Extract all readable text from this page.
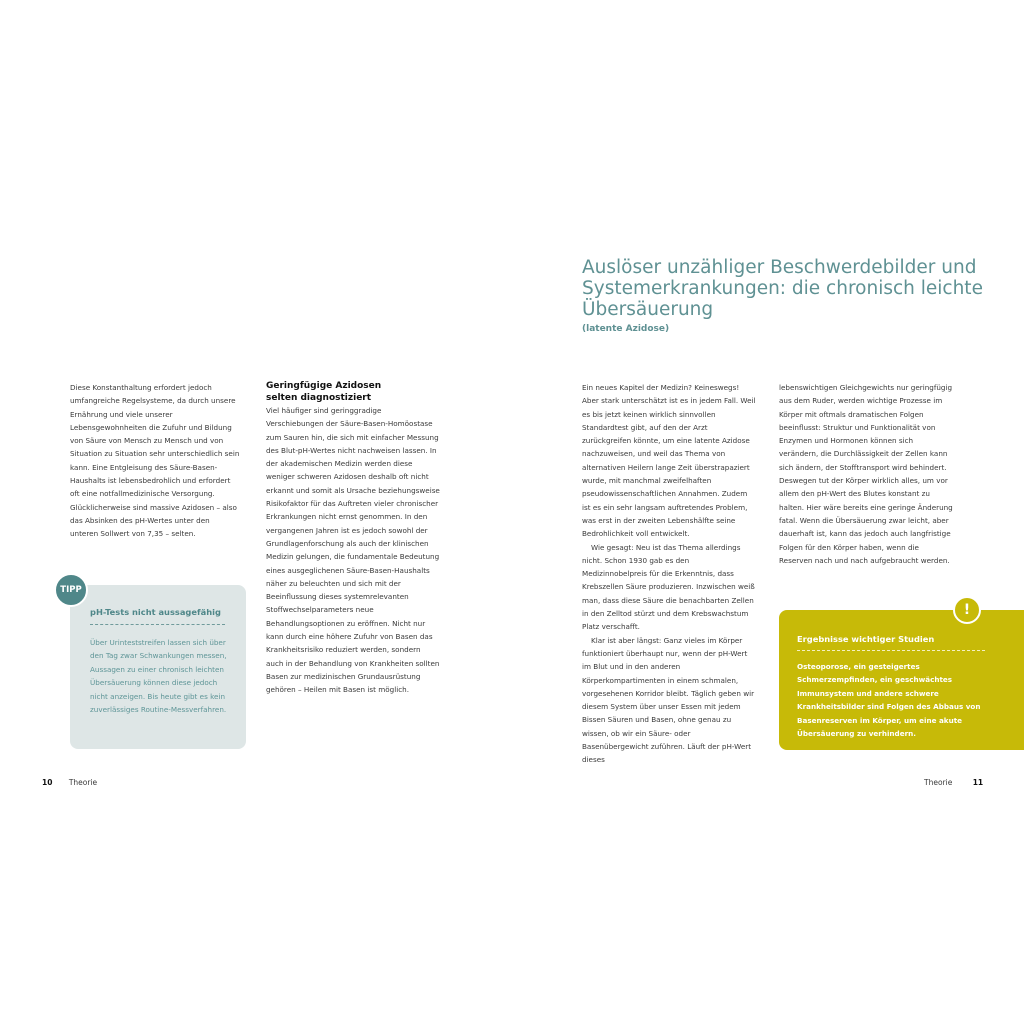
Diese Konstanthaltung erfordert jedoch umfangreiche Regelsysteme, da durch unsere Ernährung und viele unserer Lebensgewohnheiten die Zufuhr und Bildung von Säure von Mensch zu Mensch und von Situation zu Situation sehr unterschiedlich sein kann. Eine Entgleisung des Säure-Basen-Haushalts ist lebensbedrohlich und erfordert oft eine notfallmedizinische Versorgung. Glücklicherweise sind massive Azidosen – also das Absinken des pH-Wertes unter den unteren Sollwert von 7,35 – selten.

Geringfügige Azidosen
selten diagnostiziert

Viel häufiger sind geringgradige Verschiebungen der Säure-Basen-Homöostase zum Sauren hin, die sich mit einfacher Messung des Blut-pH-Wertes nicht nachweisen lassen. In der akademischen Medizin werden diese weniger schweren Azidosen deshalb oft nicht erkannt und somit als Ursache beziehungsweise Risikofaktor für das Auftreten vieler chronischer Erkrankungen nicht ernst genommen. In den vergangenen Jahren ist es jedoch sowohl der Grundlagenforschung als auch der klinischen Medizin gelungen, die fundamentale Bedeutung eines ausgeglichenen Säure-Basen-Haushalts näher zu beleuchten und sich mit der Beeinflussung dieses systemrelevanten Stoffwechselparameters neue Behandlungsoptionen zu eröffnen. Nicht nur kann durch eine höhere Zufuhr von Basen das Krankheitsrisiko reduziert werden, sondern auch in der Behandlung von Krankheiten sollten Basen zur medizinischen Grundausrüstung gehören – Heilen mit Basen ist möglich.

TIPP
pH-Tests nicht aussagefähig
Über Urinteststreifen lassen sich über den Tag zwar Schwankungen messen, Aussagen zu einer chronisch leichten Übersäuerung können diese jedoch nicht anzeigen. Bis heute gibt es kein zuverlässiges Routine-Messverfahren.
10 Theorie
Auslöser unzähliger Beschwerdebilder und Systemerkrankungen: die chronisch leichte Übersäuerung
(latente Azidose)

Ein neues Kapitel der Medizin? Keineswegs! Aber stark unterschätzt ist es in jedem Fall. Weil es bis jetzt keinen wirklich sinnvollen Standardtest gibt, auf den der Arzt zurückgreifen könnte, um eine latente Azidose nachzuweisen, und weil das Thema von alternativen Heilern lange Zeit überstrapaziert wurde, mit manchmal zweifelhaften pseudowissenschaftlichen Annahmen. Zudem ist es ein sehr langsam auftretendes Problem, was erst in der zweiten Lebenshälfte seine Bedrohlichkeit voll entwickelt.

Wie gesagt: Neu ist das Thema allerdings nicht. Schon 1930 gab es den Medizinnobelpreis für die Erkenntnis, dass Krebszellen Säure produzieren. Inzwischen weiß man, dass diese Säure die benachbarten Zellen in den Zelltod stürzt und dem Krebswachstum Platz verschafft.

Klar ist aber längst: Ganz vieles im Körper funktioniert überhaupt nur, wenn der pH-Wert im Blut und in den anderen Körperkompartimenten in einem schmalen, vorgesehenen Korridor bleibt. Täglich geben wir diesem System über unser Essen mit jedem Bissen Säuren und Basen, ohne genau zu wissen, ob wir ein Säure- oder Basenübergewicht zuführen. Läuft der pH-Wert dieses

lebenswichtigen Gleichgewichts nur geringfügig aus dem Ruder, werden wichtige Prozesse im Körper mit oftmals dramatischen Folgen beeinflusst: Struktur und Funktionalität von Enzymen und Hormonen können sich verändern, die Durchlässigkeit der Zellen kann sich ändern, der Stofftransport wird behindert. Deswegen tut der Körper wirklich alles, um vor allem den pH-Wert des Blutes konstant zu halten. Hier wäre bereits eine geringe Änderung fatal. Wenn die Übersäuerung zwar leicht, aber dauerhaft ist, kann das jedoch auch langfristige Folgen für den Körper haben, wenn die Reserven nach und nach aufgebraucht werden.

!
Ergebnisse wichtiger Studien
Osteoporose, ein gesteigertes Schmerzempfinden, ein geschwächtes Immunsystem und andere schwere Krankheitsbilder sind Folgen des Abbaus von Basenreserven im Körper, um eine akute Übersäuerung zu verhindern.
Theorie	11
